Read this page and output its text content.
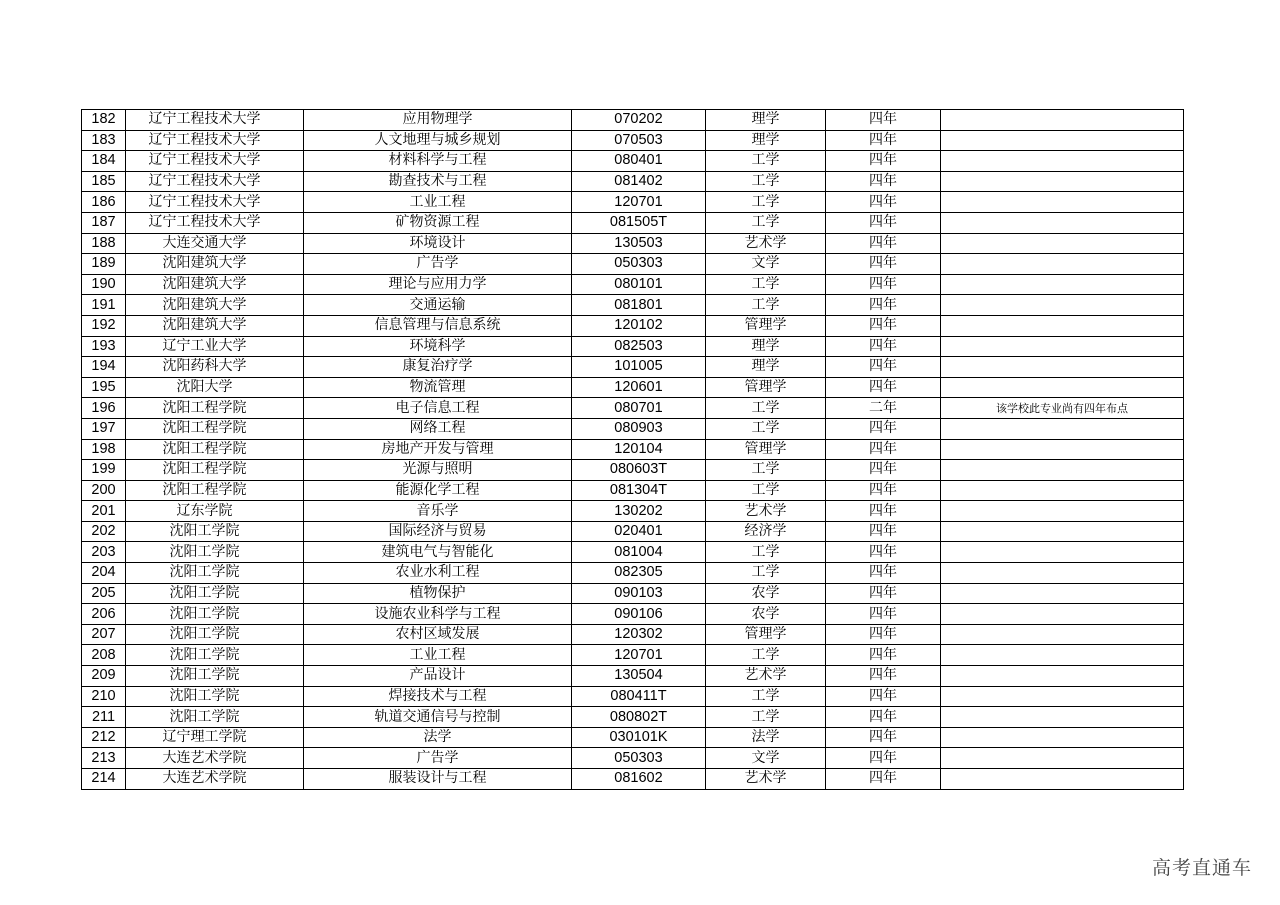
182	辽宁工程技术大学	应用物理学	070202	理学	四年	
183	辽宁工程技术大学	人文地理与城乡规划	070503	理学	四年	
184	辽宁工程技术大学	材料科学与工程	080401	工学	四年	
185	辽宁工程技术大学	勘查技术与工程	081402	工学	四年	
186	辽宁工程技术大学	工业工程	120701	工学	四年	
187	辽宁工程技术大学	矿物资源工程	081505T	工学	四年	
188	大连交通大学	环境设计	130503	艺术学	四年	
189	沈阳建筑大学	广告学	050303	文学	四年	
190	沈阳建筑大学	理论与应用力学	080101	工学	四年	
191	沈阳建筑大学	交通运输	081801	工学	四年	
192	沈阳建筑大学	信息管理与信息系统	120102	管理学	四年	
193	辽宁工业大学	环境科学	082503	理学	四年	
194	沈阳药科大学	康复治疗学	101005	理学	四年	
195	沈阳大学	物流管理	120601	管理学	四年	
196	沈阳工程学院	电子信息工程	080701	工学	二年	该学校此专业尚有四年布点
197	沈阳工程学院	网络工程	080903	工学	四年	
198	沈阳工程学院	房地产开发与管理	120104	管理学	四年	
199	沈阳工程学院	光源与照明	080603T	工学	四年	
200	沈阳工程学院	能源化学工程	081304T	工学	四年	
201	辽东学院	音乐学	130202	艺术学	四年	
202	沈阳工学院	国际经济与贸易	020401	经济学	四年	
203	沈阳工学院	建筑电气与智能化	081004	工学	四年	
204	沈阳工学院	农业水利工程	082305	工学	四年	
205	沈阳工学院	植物保护	090103	农学	四年	
206	沈阳工学院	设施农业科学与工程	090106	农学	四年	
207	沈阳工学院	农村区域发展	120302	管理学	四年	
208	沈阳工学院	工业工程	120701	工学	四年	
209	沈阳工学院	产品设计	130504	艺术学	四年	
210	沈阳工学院	焊接技术与工程	080411T	工学	四年	
211	沈阳工学院	轨道交通信号与控制	080802T	工学	四年	
212	辽宁理工学院	法学	030101K	法学	四年	
213	大连艺术学院	广告学	050303	文学	四年	
214	大连艺术学院	服装设计与工程	081602	艺术学	四年	
高考直通车
